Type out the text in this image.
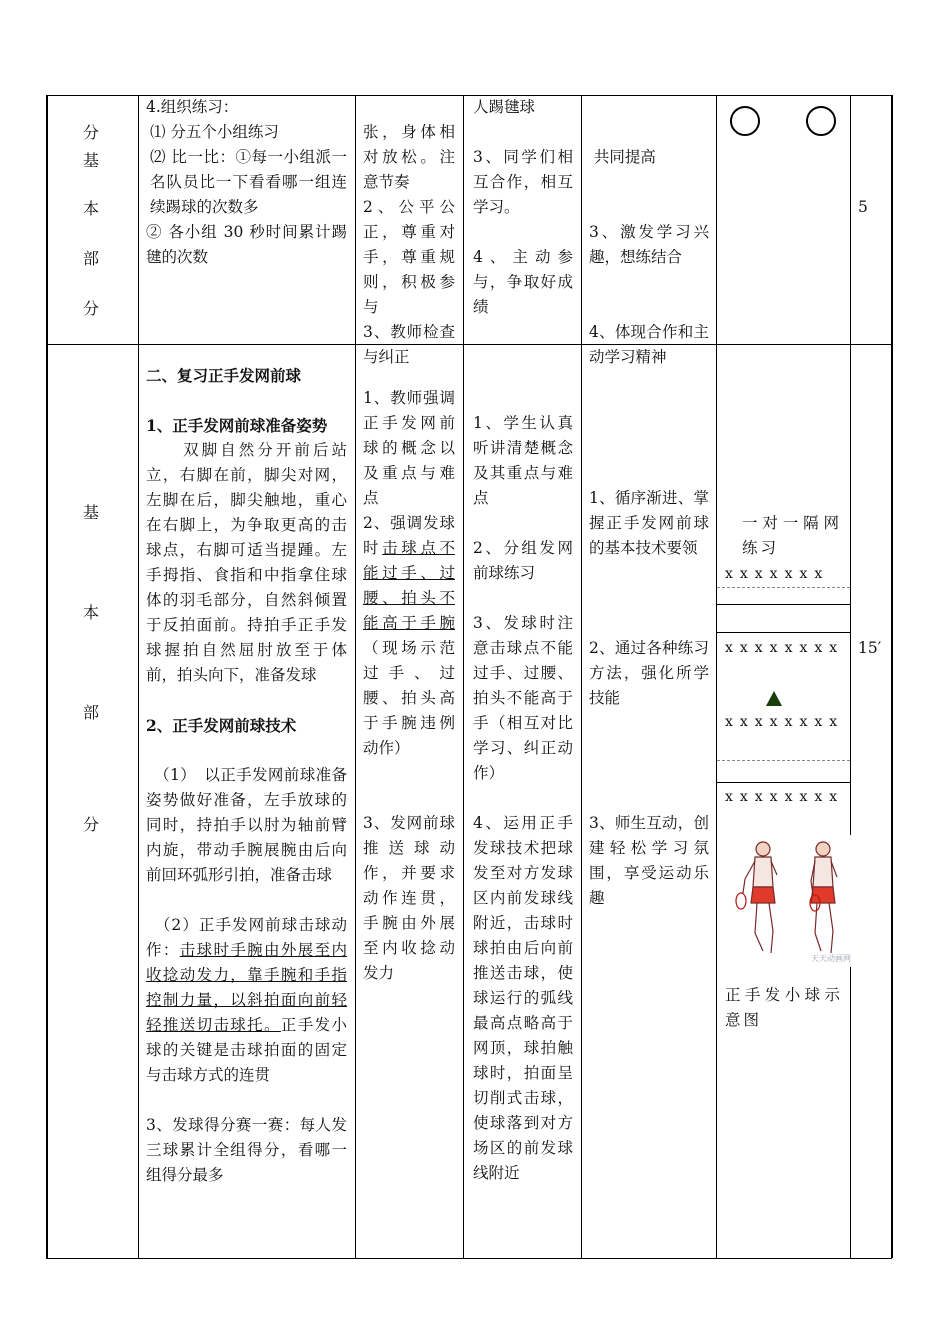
分
基
本
部
分

4.组织练习：

⑴ 分五个小组练习

⑵ 比一比：①每一小组派一名队员比一下看看哪一组连续踢球的次数多

② 各小组 30 秒时间累计踢毽的次数

张，身体相对放松。注意节奏
2、公平公正，尊重对手，尊重规则，积极参与
3、教师检查与纠正

人踢毽球

3、同学们相互合作，相互学习。

4、主动参与，争取好成绩

共同提高

3、激发学习兴趣，想练结合

4、体现合作和主动学习精神

5

基
本
部
分

二、复习正手发网前球

1、正手发网前球准备姿势

　　双脚自然分开前后站立，右脚在前，脚尖对网，左脚在后，脚尖触地，重心在右脚上，为争取更高的击球点，右脚可适当提踵。左手拇指、食指和中指拿住球体的羽毛部分，自然斜倾置于反拍面前。持拍手正手发球握拍自然屈肘放至于体前，拍头向下，准备发球

2、正手发网前球技术

　（1）　以正手发网前球准备姿势做好准备，左手放球的同时，持拍手以肘为轴前臂内旋，带动手腕展腕由后向前回环弧形引拍，准备击球

　（2）正手发网前球击球动作：击球时手腕由外展至内收捻动发力，靠手腕和手指控制力量，以斜拍面向前轻轻推送切击球托。正手发小球的关键是击球拍面的固定与击球方式的连贯

3、发球得分赛一赛：每人发三球累计全组得分，看哪一组得分最多

1、教师强调正手发网前球的概念以及重点与难点

2、强调发球时击球点不能过手、过腰、拍头不能高于手腕（现场示范过手、过腰、拍头高于手腕违例动作）

3、发网前球推送球动作，并要求动作连贯，手腕由外展至内收捻动发力

1、学生认真听讲清楚概念及其重点与难点

2、分组发网前球练习

3、发球时注意击球点不能过手、过腰、拍头不能高于手（相互对比学习、纠正动作）

4、运用正手发球技术把球发至对方发球区内前发球线附近，击球时球拍由后向前推送击球，使球运行的弧线最高点略高于网顶，球拍触球时，拍面呈切削式击球，使球落到对方场区的前发球线附近

1、循序渐进、掌握正手发网前球的基本技术要领

2、通过各种练习方法，强化所学技能

3、师生互动，创建轻松学习氛围，享受运动乐趣

一对一隔网练习

xxxxxxx
xxxxxxxx
xxxxxxxx
xxxxxxxx
天天动画网

正手发小球示意图

15′
